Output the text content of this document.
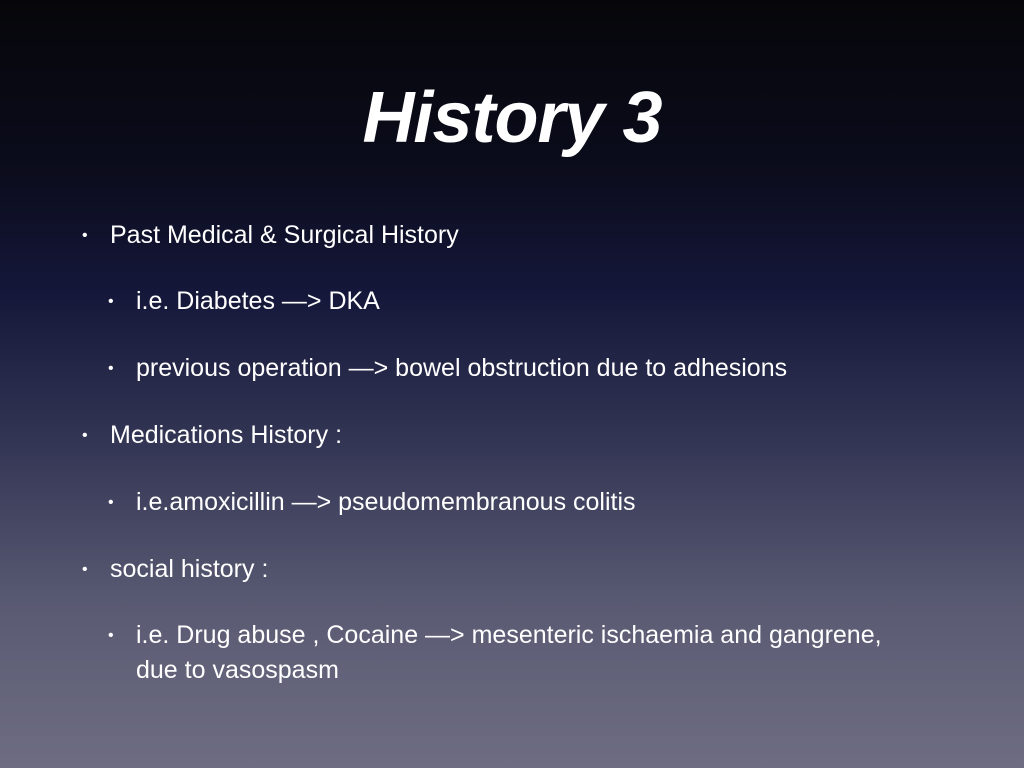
History 3
• Past Medical & Surgical History
• i.e. Diabetes —> DKA
• previous operation —> bowel obstruction due to adhesions
• Medications History :
• i.e.amoxicillin —> pseudomembranous colitis
• social history :
• i.e. Drug abuse , Cocaine —> mesenteric ischaemia and gangrene, due to vasospasm
